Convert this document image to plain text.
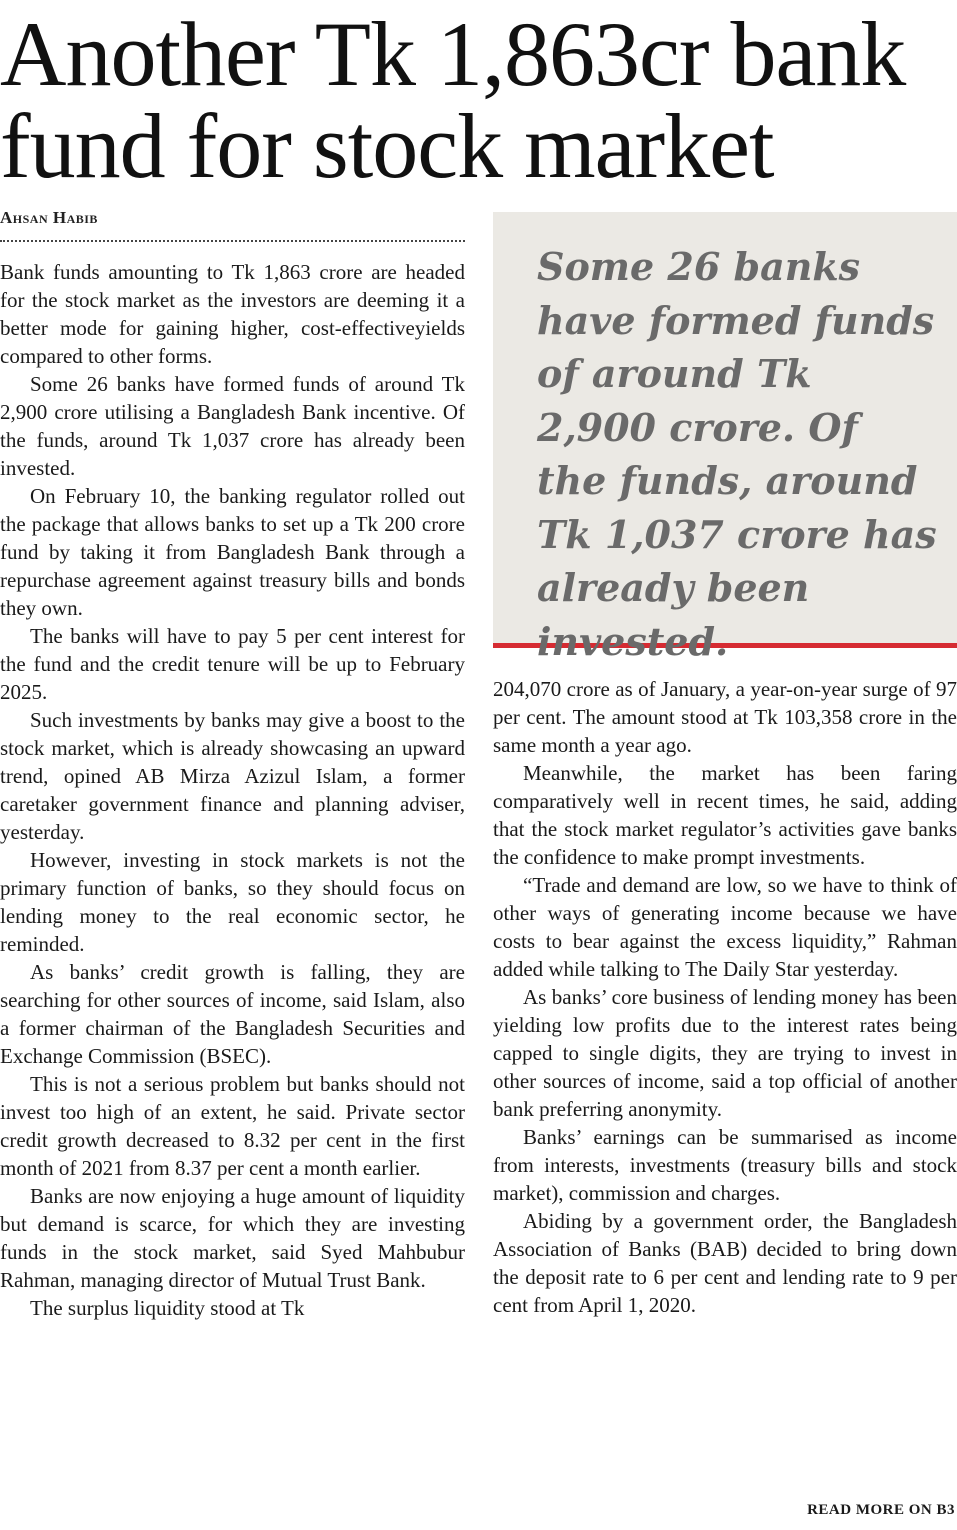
Another Tk 1,863cr bank fund for stock market
Ahsan Habib

Bank funds amounting to Tk 1,863 crore are headed for the stock market as the investors are deeming it a better mode for gaining higher, cost-effectiveyields compared to other forms.

Some 26 banks have formed funds of around Tk 2,900 crore utilising a Bangladesh Bank incentive. Of the funds, around Tk 1,037 crore has already been invested.

On February 10, the banking regulator rolled out the package that allows banks to set up a Tk 200 crore fund by taking it from Bangladesh Bank through a repurchase agreement against treasury bills and bonds they own.

The banks will have to pay 5 per cent interest for the fund and the credit tenure will be up to February 2025.

Such investments by banks may give a boost to the stock market, which is already showcasing an upward trend, opined AB Mirza Azizul Islam, a former caretaker government finance and planning adviser, yesterday.

However, investing in stock markets is not the primary function of banks, so they should focus on lending money to the real economic sector, he reminded.

As banks’ credit growth is falling, they are searching for other sources of income, said Islam, also a former chairman of the Bangladesh Securities and Exchange Commission (BSEC).

This is not a serious problem but banks should not invest too high of an extent, he said. Private sector credit growth decreased to 8.32 per cent in the first month of 2021 from 8.37 per cent a month earlier.

Banks are now enjoying a huge amount of liquidity but demand is scarce, for which they are investing funds in the stock market, said Syed Mahbubur Rahman, managing director of Mutual Trust Bank.

The surplus liquidity stood at Tk

Some 26 banks have formed funds of around Tk 2,900 crore. Of the funds, around Tk 1,037 crore has already been invested.

204,070 crore as of January, a year-on-year surge of 97 per cent. The amount stood at Tk 103,358 crore in the same month a year ago.

Meanwhile, the market has been faring comparatively well in recent times, he said, adding that the stock market regulator’s activities gave banks the confidence to make prompt investments.

“Trade and demand are low, so we have to think of other ways of generating income because we have costs to bear against the excess liquidity,” Rahman added while talking to The Daily Star yesterday.

As banks’ core business of lending money has been yielding low profits due to the interest rates being capped to single digits, they are trying to invest in other sources of income, said a top official of another bank preferring anonymity.

Banks’ earnings can be summarised as income from interests, investments (treasury bills and stock market), commission and charges.

Abiding by a government order, the Bangladesh Association of Banks (BAB) decided to bring down the deposit rate to 6 per cent and lending rate to 9 per cent from April 1, 2020.

READ MORE ON B3
